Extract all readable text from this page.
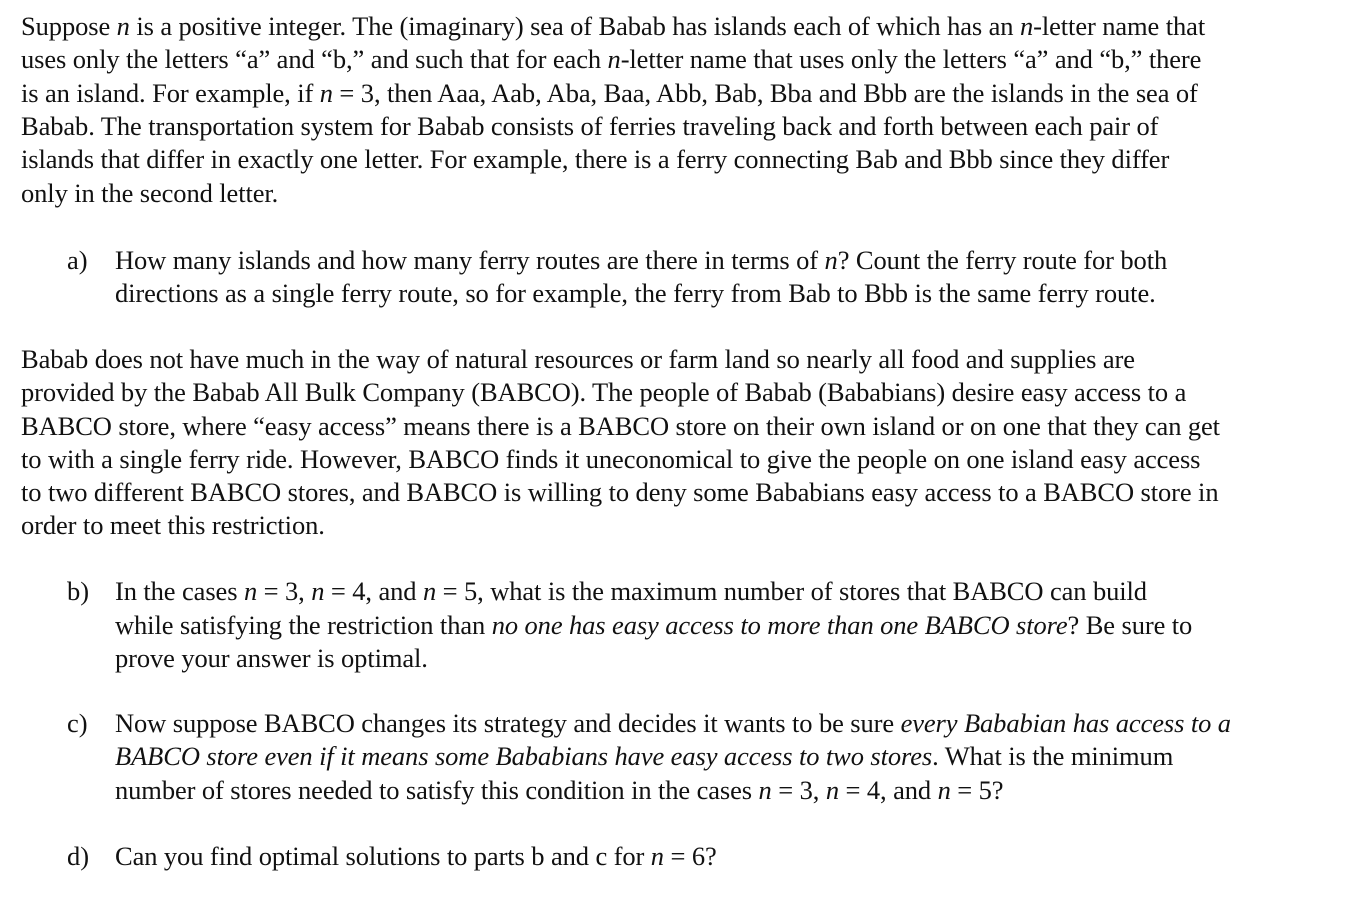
Suppose n is a positive integer. The (imaginary) sea of Babab has islands each of which has an n-letter name that
uses only the letters “a” and “b,” and such that for each n-letter name that uses only the letters “a” and “b,” there
is an island. For example, if n = 3, then Aaa, Aab, Aba, Baa, Abb, Bab, Bba and Bbb are the islands in the sea of
Babab. The transportation system for Babab consists of ferries traveling back and forth between each pair of
islands that differ in exactly one letter. For example, there is a ferry connecting Bab and Bbb since they differ
only in the second letter.
a) How many islands and how many ferry routes are there in terms of n? Count the ferry route for both
directions as a single ferry route, so for example, the ferry from Bab to Bbb is the same ferry route.
Babab does not have much in the way of natural resources or farm land so nearly all food and supplies are
provided by the Babab All Bulk Company (BABCO). The people of Babab (Bababians) desire easy access to a
BABCO store, where “easy access” means there is a BABCO store on their own island or on one that they can get
to with a single ferry ride. However, BABCO finds it uneconomical to give the people on one island easy access
to two different BABCO stores, and BABCO is willing to deny some Bababians easy access to a BABCO store in
order to meet this restriction.
b) In the cases n = 3, n = 4, and n = 5, what is the maximum number of stores that BABCO can build
while satisfying the restriction than no one has easy access to more than one BABCO store? Be sure to
prove your answer is optimal.
c) Now suppose BABCO changes its strategy and decides it wants to be sure every Bababian has access to a
BABCO store even if it means some Bababians have easy access to two stores. What is the minimum
number of stores needed to satisfy this condition in the cases n = 3, n = 4, and n = 5?
d) Can you find optimal solutions to parts b and c for n = 6?
